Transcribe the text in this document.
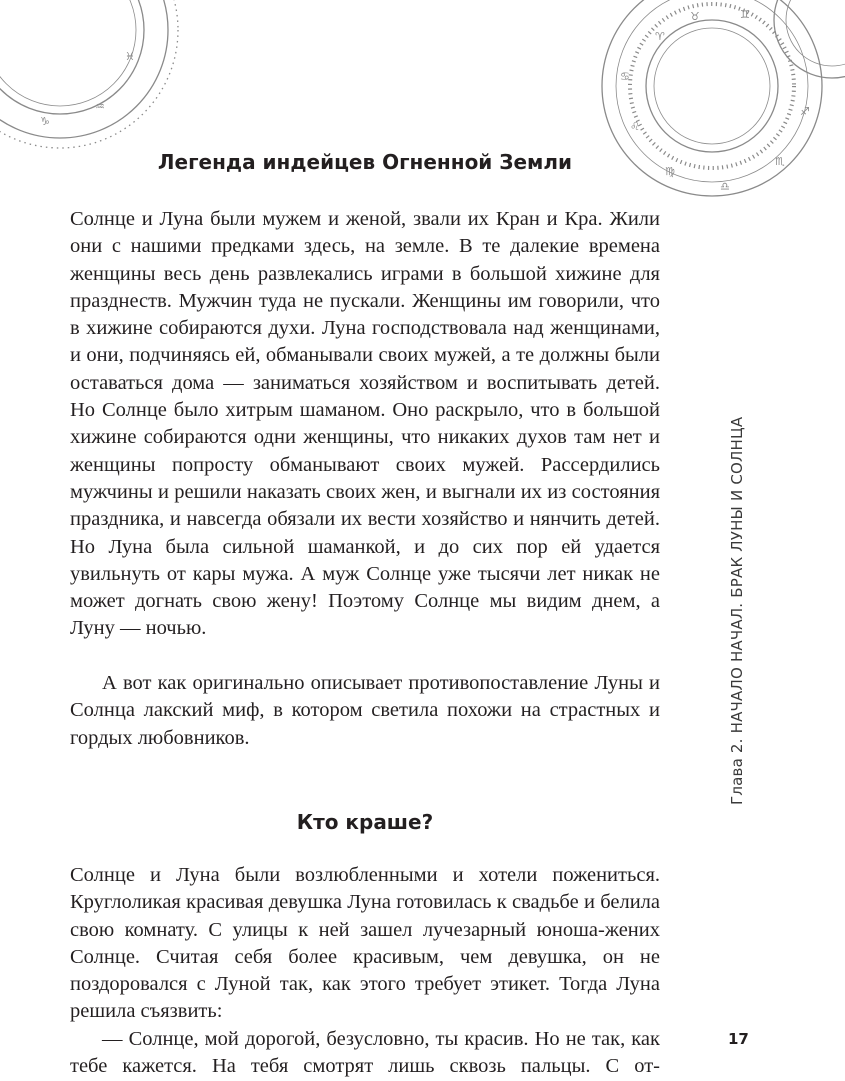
♈
♉	♊
♋
♌
♍
♎
♏
♐
♑
♒
♓
Легенда индейцев Огненной Земли

Солнце и Луна были мужем и женой, звали их Кран и Кра. Жили они с нашими предками здесь, на земле. В те далекие времена женщины весь день развлекались играми в большой хижине для празднеств. Мужчин туда не пускали. Женщины им говорили, что в хижине собираются духи. Луна господствовала над женщинами, и они, подчиняясь ей, обманывали своих мужей, а те должны были оставаться дома — заниматься хозяйством и воспитывать детей. Но Солнце было хитрым шаманом. Оно раскрыло, что в большой хижине собираются одни женщины, что никаких духов там нет и женщины попросту обманывают своих мужей. Рассердились мужчины и решили наказать своих жен, и выгнали их из состояния праздника, и навсегда обязали их вести хозяйство и нянчить детей. Но Луна была сильной шаманкой, и до сих пор ей удается увильнуть от кары мужа. А муж Солнце уже тысячи лет никак не может догнать свою жену! Поэтому Солнце мы видим днем, а Луну — ночью.

А вот как оригинально описывает противопоставление Луны и Солнца лакский миф, в котором светила похожи на страстных и гордых любовников.

Кто краше?

Солнце и Луна были возлюбленными и хотели пожениться. Круглоликая красивая девушка Луна готовилась к свадьбе и белила свою комнату. С улицы к ней зашел лучезарный юноша-жених Солнце. Считая себя более красивым, чем девушка, он не поздоровался с Луной так, как этого требует этикет. Тогда Луна решила съязвить:

— Солнце, мой дорогой, безусловно, ты красив. Но не так, как тебе кажется. На тебя смотрят лишь сквозь пальцы. С от-

Глава 2. НАЧАЛО НАЧАЛ. БРАК ЛУНЫ И СОЛНЦА
17
